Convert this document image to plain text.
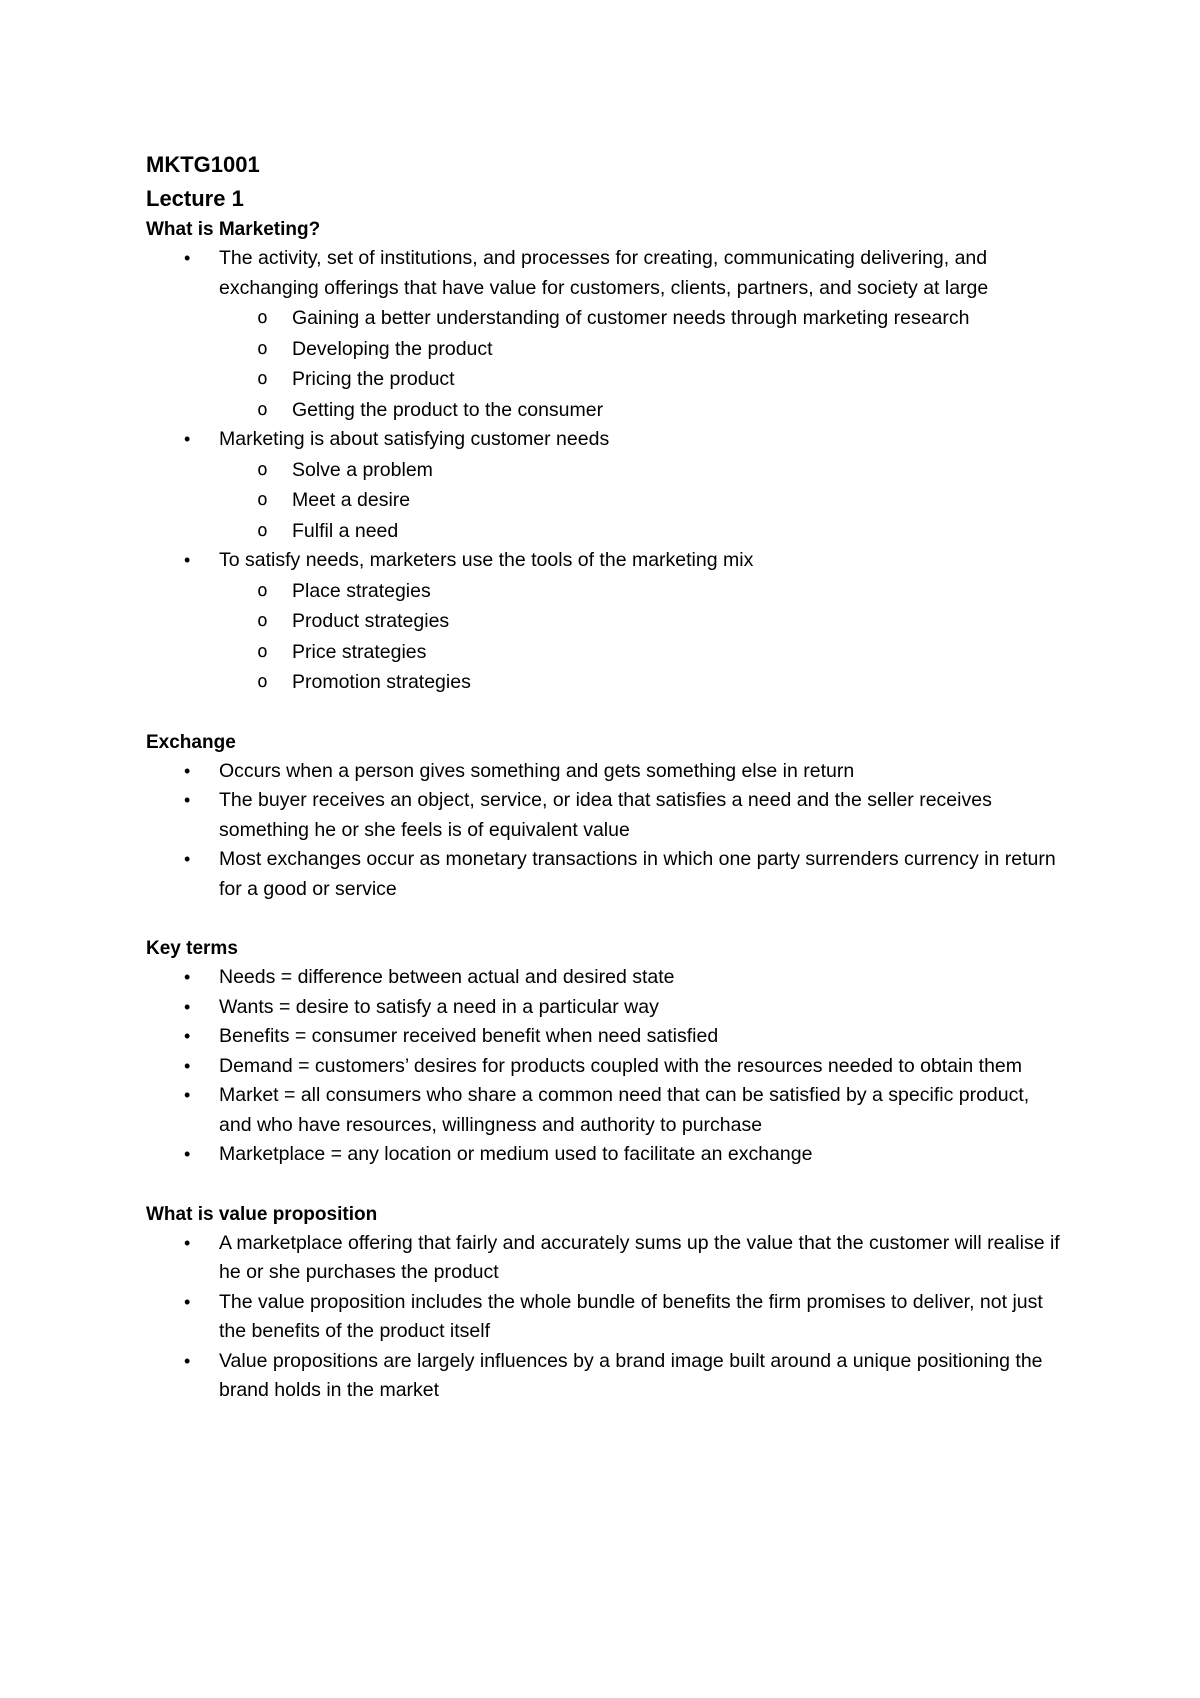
MKTG1001
Lecture 1
What is Marketing?
• The activity, set of institutions, and processes for creating, communicating delivering, and exchanging offerings that have value for customers, clients, partners, and society at large
o Gaining a better understanding of customer needs through marketing research
o Developing the product
o Pricing the product
o Getting the product to the consumer
• Marketing is about satisfying customer needs
o Solve a problem
o Meet a desire
o Fulfil a need
• To satisfy needs, marketers use the tools of the marketing mix
o Place strategies
o Product strategies
o Price strategies
o Promotion strategies
Exchange
• Occurs when a person gives something and gets something else in return
• The buyer receives an object, service, or idea that satisfies a need and the seller receives something he or she feels is of equivalent value
• Most exchanges occur as monetary transactions in which one party surrenders currency in return for a good or service
Key terms
• Needs = difference between actual and desired state
• Wants = desire to satisfy a need in a particular way
• Benefits = consumer received benefit when need satisfied
• Demand = customers’ desires for products coupled with the resources needed to obtain them
• Market = all consumers who share a common need that can be satisfied by a specific product, and who have resources, willingness and authority to purchase
• Marketplace = any location or medium used to facilitate an exchange
What is value proposition
• A marketplace offering that fairly and accurately sums up the value that the customer will realise if he or she purchases the product
• The value proposition includes the whole bundle of benefits the firm promises to deliver, not just the benefits of the product itself
• Value propositions are largely influences by a brand image built around a unique positioning the brand holds in the market
